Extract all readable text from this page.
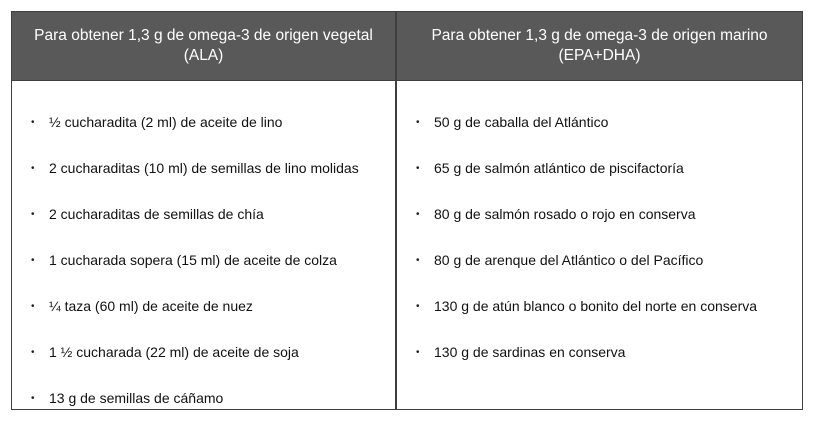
Para obtener 1,3 g de omega-3 de origen vegetal (ALA)
Para obtener 1,3 g de omega-3 de origen marino (EPA+DHA)
•	½ cucharadita (2 ml) de aceite de lino
•	2 cucharaditas (10 ml) de semillas de lino molidas
•	2 cucharaditas de semillas de chía
•	1 cucharada sopera (15 ml) de aceite de colza
•	¼ taza (60 ml) de aceite de nuez
•	1 ½ cucharada (22 ml) de aceite de soja
•	13 g de semillas de cáñamo
•	50 g de caballa del Atlántico
•	65 g de salmón atlántico de piscifactoría
•	80 g de salmón rosado o rojo en conserva
•	80 g de arenque del Atlántico o del Pacífico
•	130 g de atún blanco o bonito del norte en conserva
•	130 g de sardinas en conserva
